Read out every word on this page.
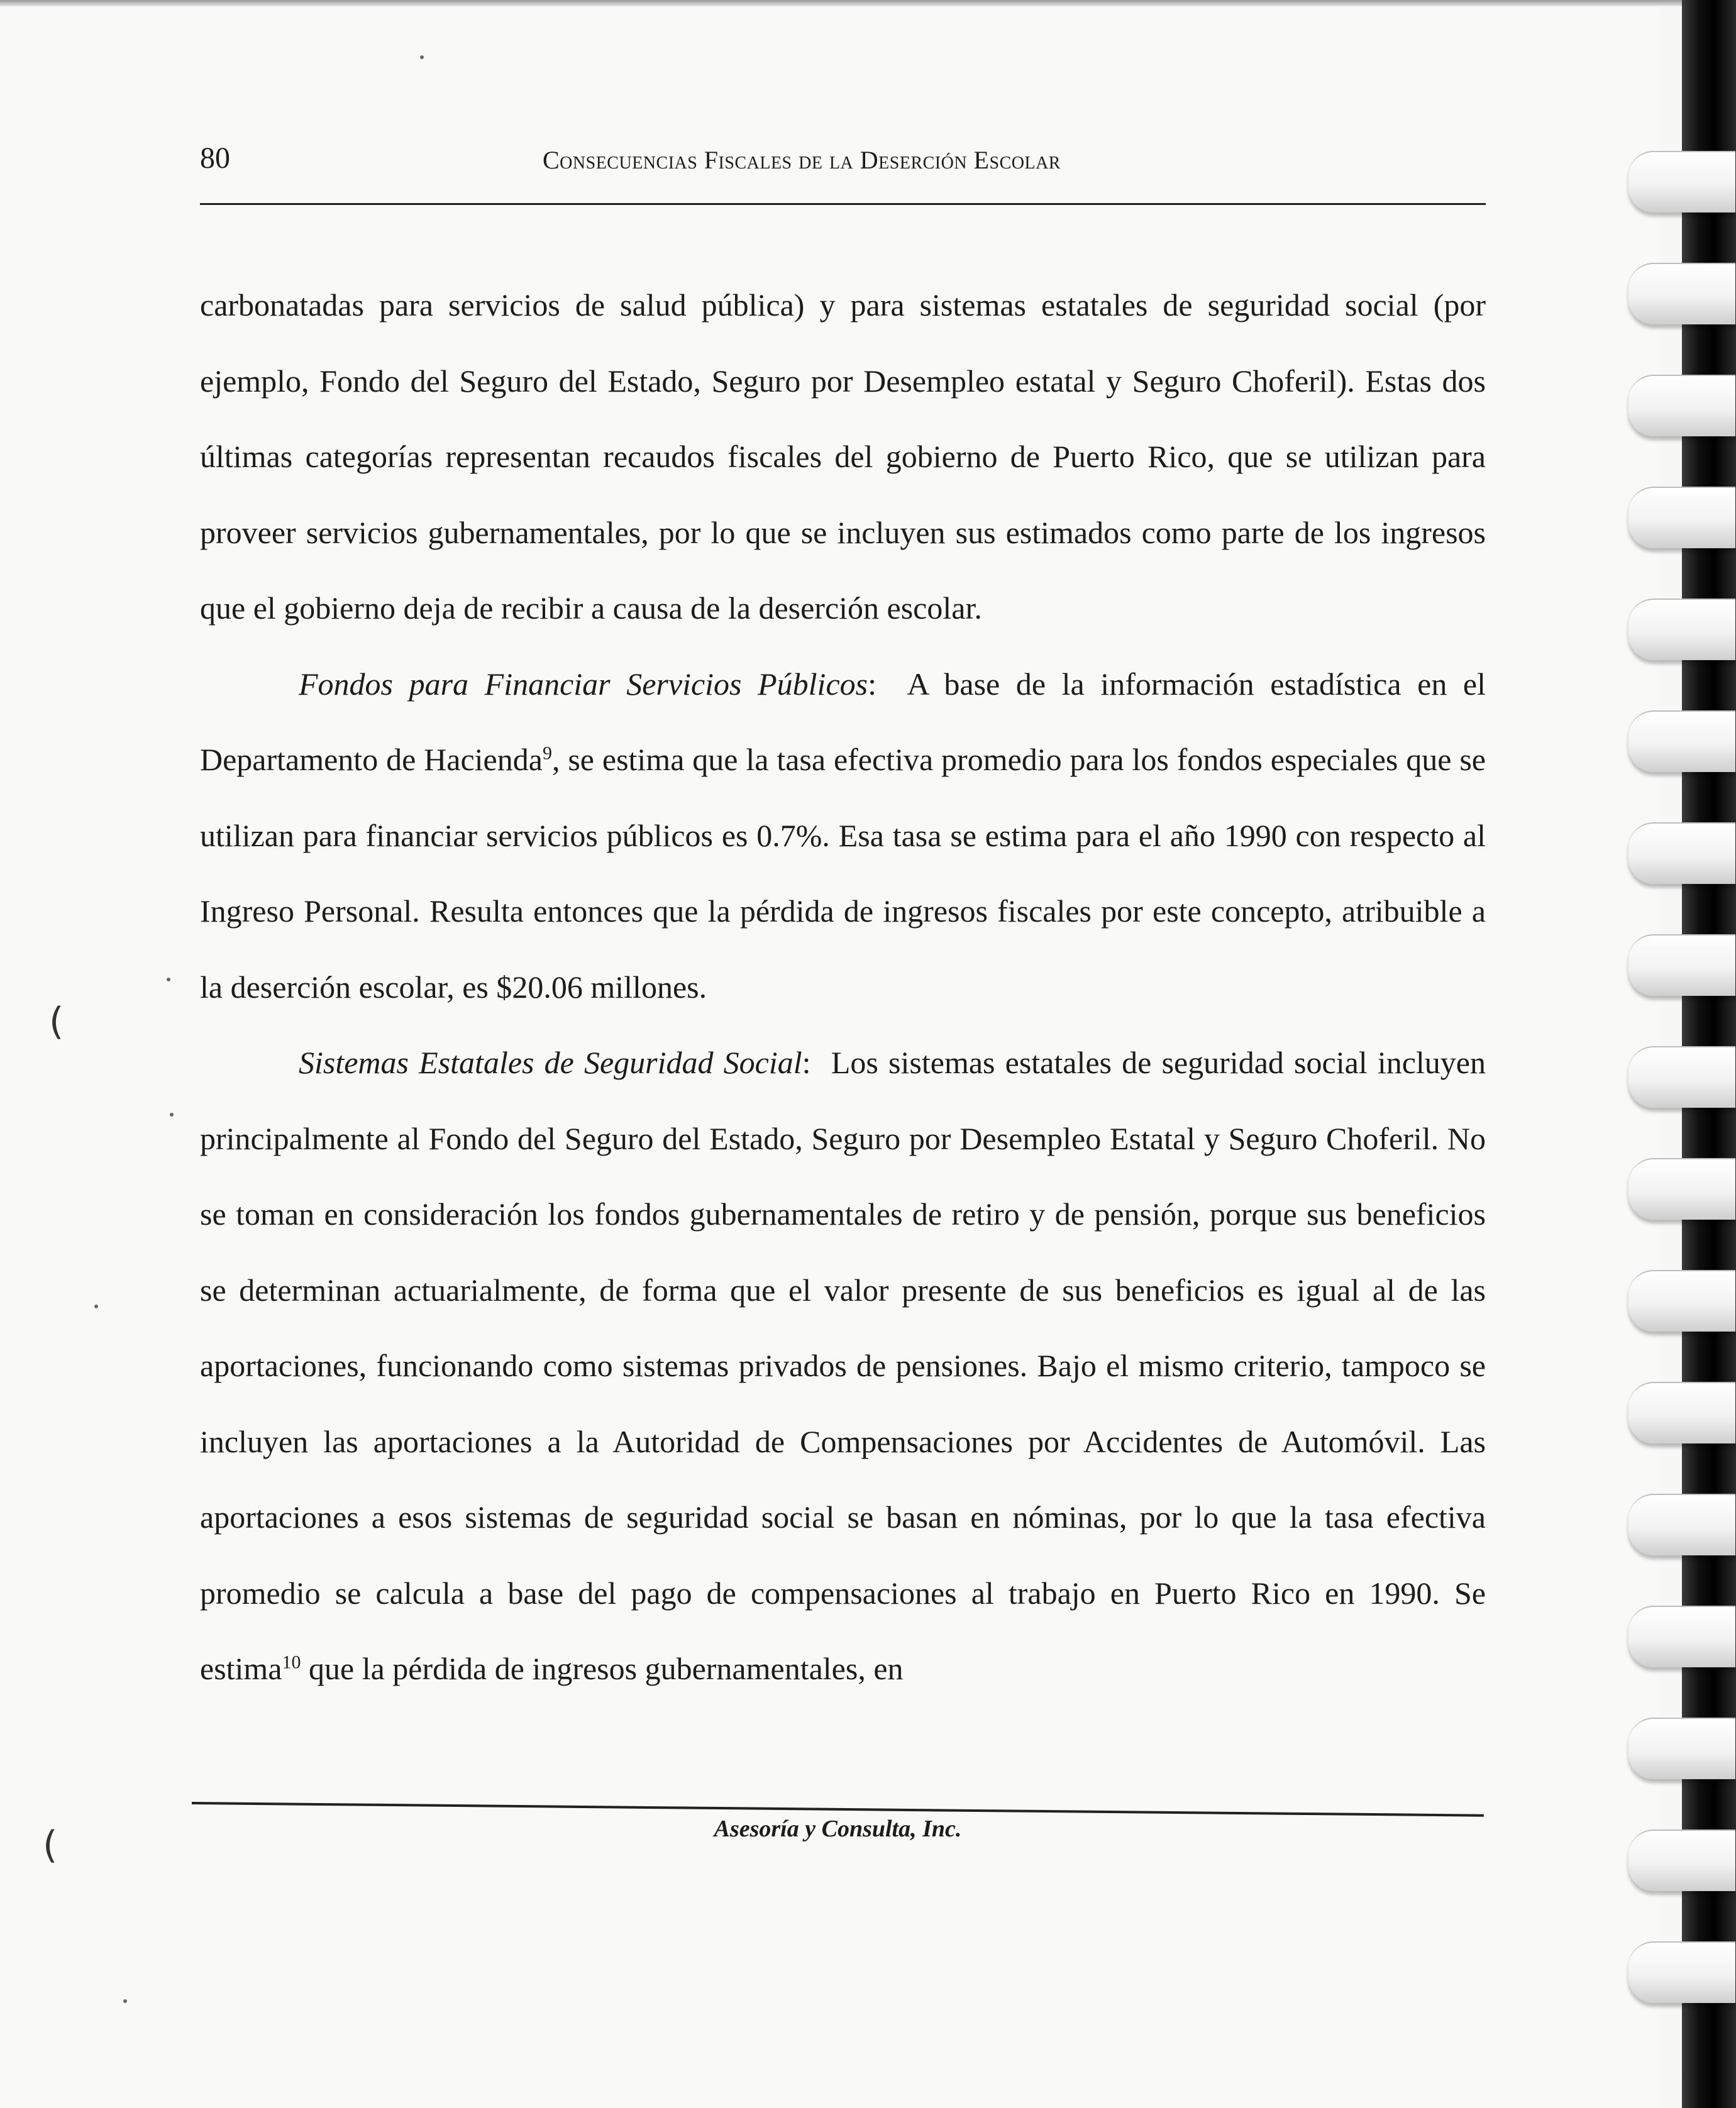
80	Consecuencias Fiscales de la Deserción Escolar

carbonatadas para servicios de salud pública) y para sistemas estatales de seguridad social (por ejemplo, Fondo del Seguro del Estado, Seguro por Desempleo estatal y Seguro Choferil). Estas dos últimas categorías representan recaudos fiscales del gobierno de Puerto Rico, que se utilizan para proveer servicios gubernamentales, por lo que se incluyen sus estimados como parte de los ingresos que el gobierno deja de recibir a causa de la deserción escolar.

Fondos para Financiar Servicios Públicos:  A base de la información estadística en el Departamento de Hacienda$^9$, se estima que la tasa efectiva promedio para los fondos especiales que se utilizan para financiar servicios públicos es 0.7%. Esa tasa se estima para el año 1990 con respecto al Ingreso Personal. Resulta entonces que la pérdida de ingresos fiscales por este concepto, atribuible a la deserción escolar, es $20.06 millones.

Sistemas Estatales de Seguridad Social:  Los sistemas estatales de seguridad social incluyen principalmente al Fondo del Seguro del Estado, Seguro por Desempleo Estatal y Seguro Choferil. No se toman en consideración los fondos gubernamentales de retiro y de pensión, porque sus beneficios se determinan actuarialmente, de forma que el valor presente de sus beneficios es igual al de las aportaciones, funcionando como sistemas privados de pensiones. Bajo el mismo criterio, tampoco se incluyen las aportaciones a la Autoridad de Compensaciones por Accidentes de Automóvil. Las aportaciones a esos sistemas de seguridad social se basan en nóminas, por lo que la tasa efectiva promedio se calcula a base del pago de compensaciones al trabajo en Puerto Rico en 1990. Se estima$^{10}$ que la pérdida de ingresos gubernamentales, en

Asesoría y Consulta, Inc.
(
(
